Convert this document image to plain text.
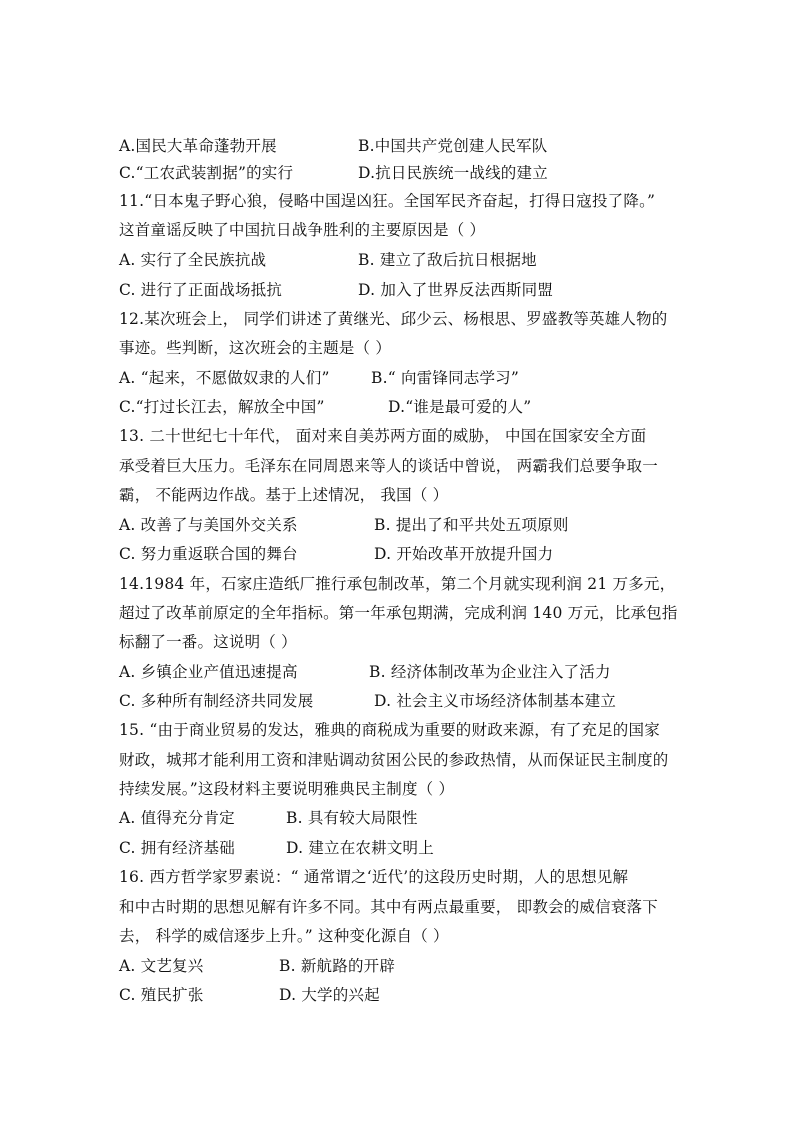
A.国民大革命蓬勃开展	B.中国共产党创建人民军队
C.“工农武装割据”的实行	D.抗日民族统一战线的建立
11.“日本鬼子野心狼，侵略中国逞凶狂。全国军民齐奋起，打得日寇投了降。”
这首童谣反映了中国抗日战争胜利的主要原因是（ ）
A. 实行了全民族抗战	B. 建立了敌后抗日根据地
C. 进行了正面战场抵抗	D. 加入了世界反法西斯同盟
12.某次班会上， 同学们讲述了黄继光、邱少云、杨根思、罗盛教等英雄人物的
事迹。些判断，这次班会的主题是（ ）
A. “起来，不愿做奴隶的人们”	B.“ 向雷锋同志学习”
C.“打过长江去，解放全中国”	D.“谁是最可爱的人”
13. 二十世纪七十年代， 面对来自美苏两方面的威胁， 中国在国家安全方面
承受着巨大压力。毛泽东在同周恩来等人的谈话中曾说， 两霸我们总要争取一
霸， 不能两边作战。基于上述情况， 我国（ ）
A. 改善了与美国外交关系	B. 提出了和平共处五项原则
C. 努力重返联合国的舞台	D. 开始改革开放提升国力
14.1984 年，石家庄造纸厂推行承包制改革，第二个月就实现利润 21 万多元，
超过了改革前原定的全年指标。第一年承包期满，完成利润 140 万元，比承包指
标翻了一番。这说明（ ）
A. 乡镇企业产值迅速提高	B. 经济体制改革为企业注入了活力
C. 多种所有制经济共同发展	D. 社会主义市场经济体制基本建立
15. “由于商业贸易的发达，雅典的商税成为重要的财政来源，有了充足的国家
财政，城邦才能利用工资和津贴调动贫困公民的参政热情，从而保证民主制度的
持续发展。”这段材料主要说明雅典民主制度（ ）
A. 值得充分肯定	B. 具有较大局限性
C. 拥有经济基础	D. 建立在农耕文明上
16. 西方哲学家罗素说：“ 通常谓之‘近代’的这段历史时期，人的思想见解
和中古时期的思想见解有许多不同。其中有两点最重要， 即教会的威信衰落下
去， 科学的威信逐步上升。” 这种变化源自（ ）
A. 文艺复兴	B. 新航路的开辟
C. 殖民扩张	D. 大学的兴起
